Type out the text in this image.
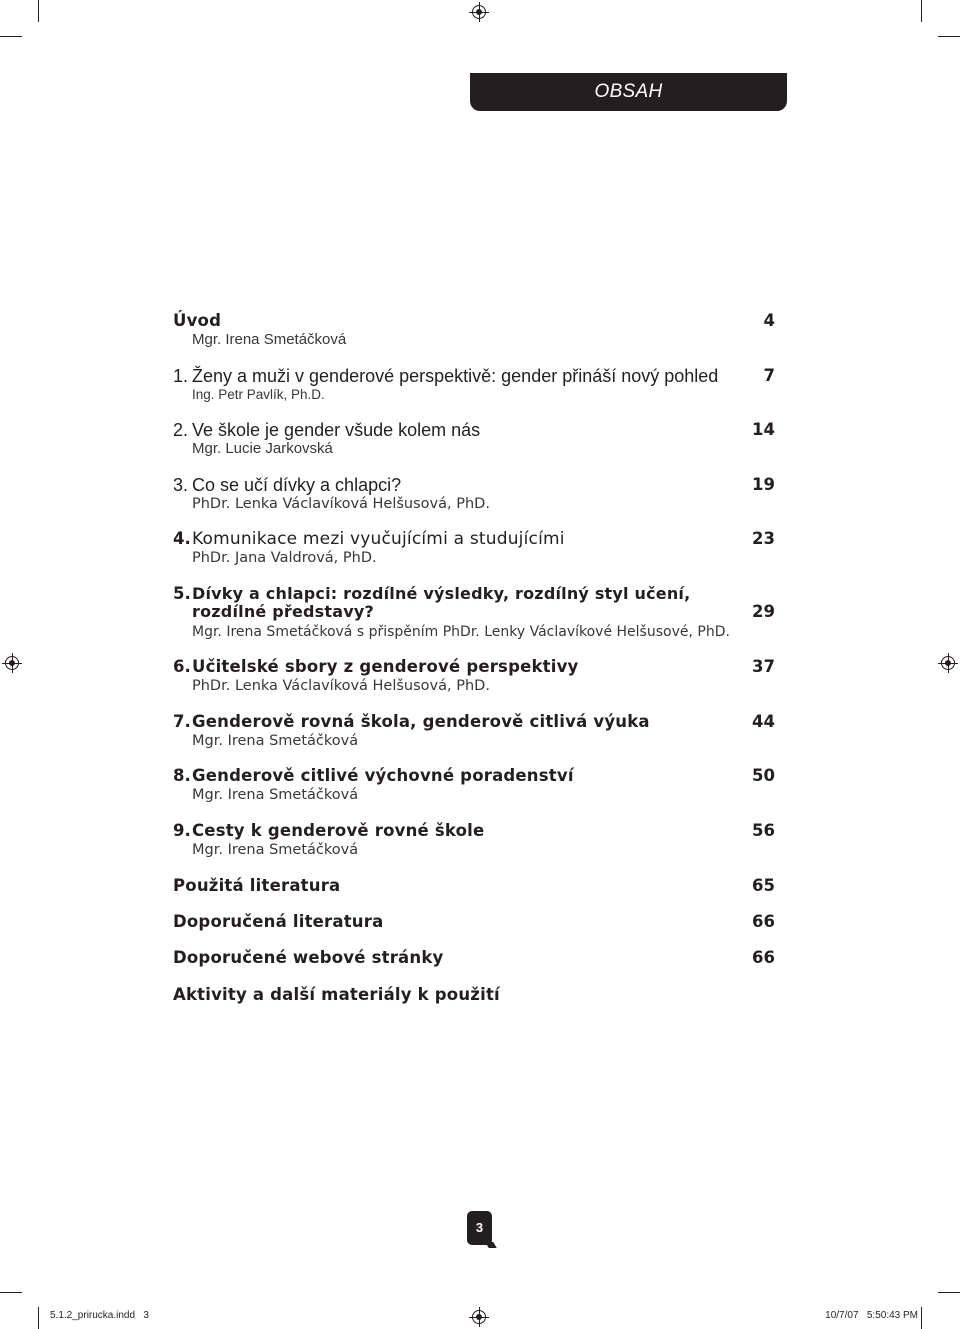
OBSAH
Úvod	4
Mgr. Irena Smetáčková
1. Ženy a muži v genderové perspektivě: gender přináší nový pohled	7
Ing. Petr Pavlík, Ph.D.
2. Ve škole je gender všude kolem nás	14
Mgr. Lucie Jarkovská
3. Co se učí dívky a chlapci?	19
PhDr. Lenka Václavíková Helšusová, PhD.
4. Komunikace mezi vyučujícími a studujícími	23
PhDr. Jana Valdrová, PhD.
5. Dívky a chlapci: rozdílné výsledky, rozdílný styl učení,
rozdílné představy?	29
Mgr. Irena Smetáčková s přispěním PhDr. Lenky Václavíkové Helšusové, PhD.
6. Učitelské sbory z genderové perspektivy	37
PhDr. Lenka Václavíková Helšusová, PhD.
7. Genderově rovná škola, genderově citlivá výuka	44
Mgr. Irena Smetáčková
8. Genderově citlivé výchovné poradenství	50
Mgr. Irena Smetáčková
9. Cesty k genderově rovné škole	56
Mgr. Irena Smetáčková
Použitá literatura	65
Doporučená literatura	66
Doporučené webové stránky	66
Aktivity a další materiály k použití
3
5.1.2_prirucka.indd   3	10/7/07   5:50:43 PM
